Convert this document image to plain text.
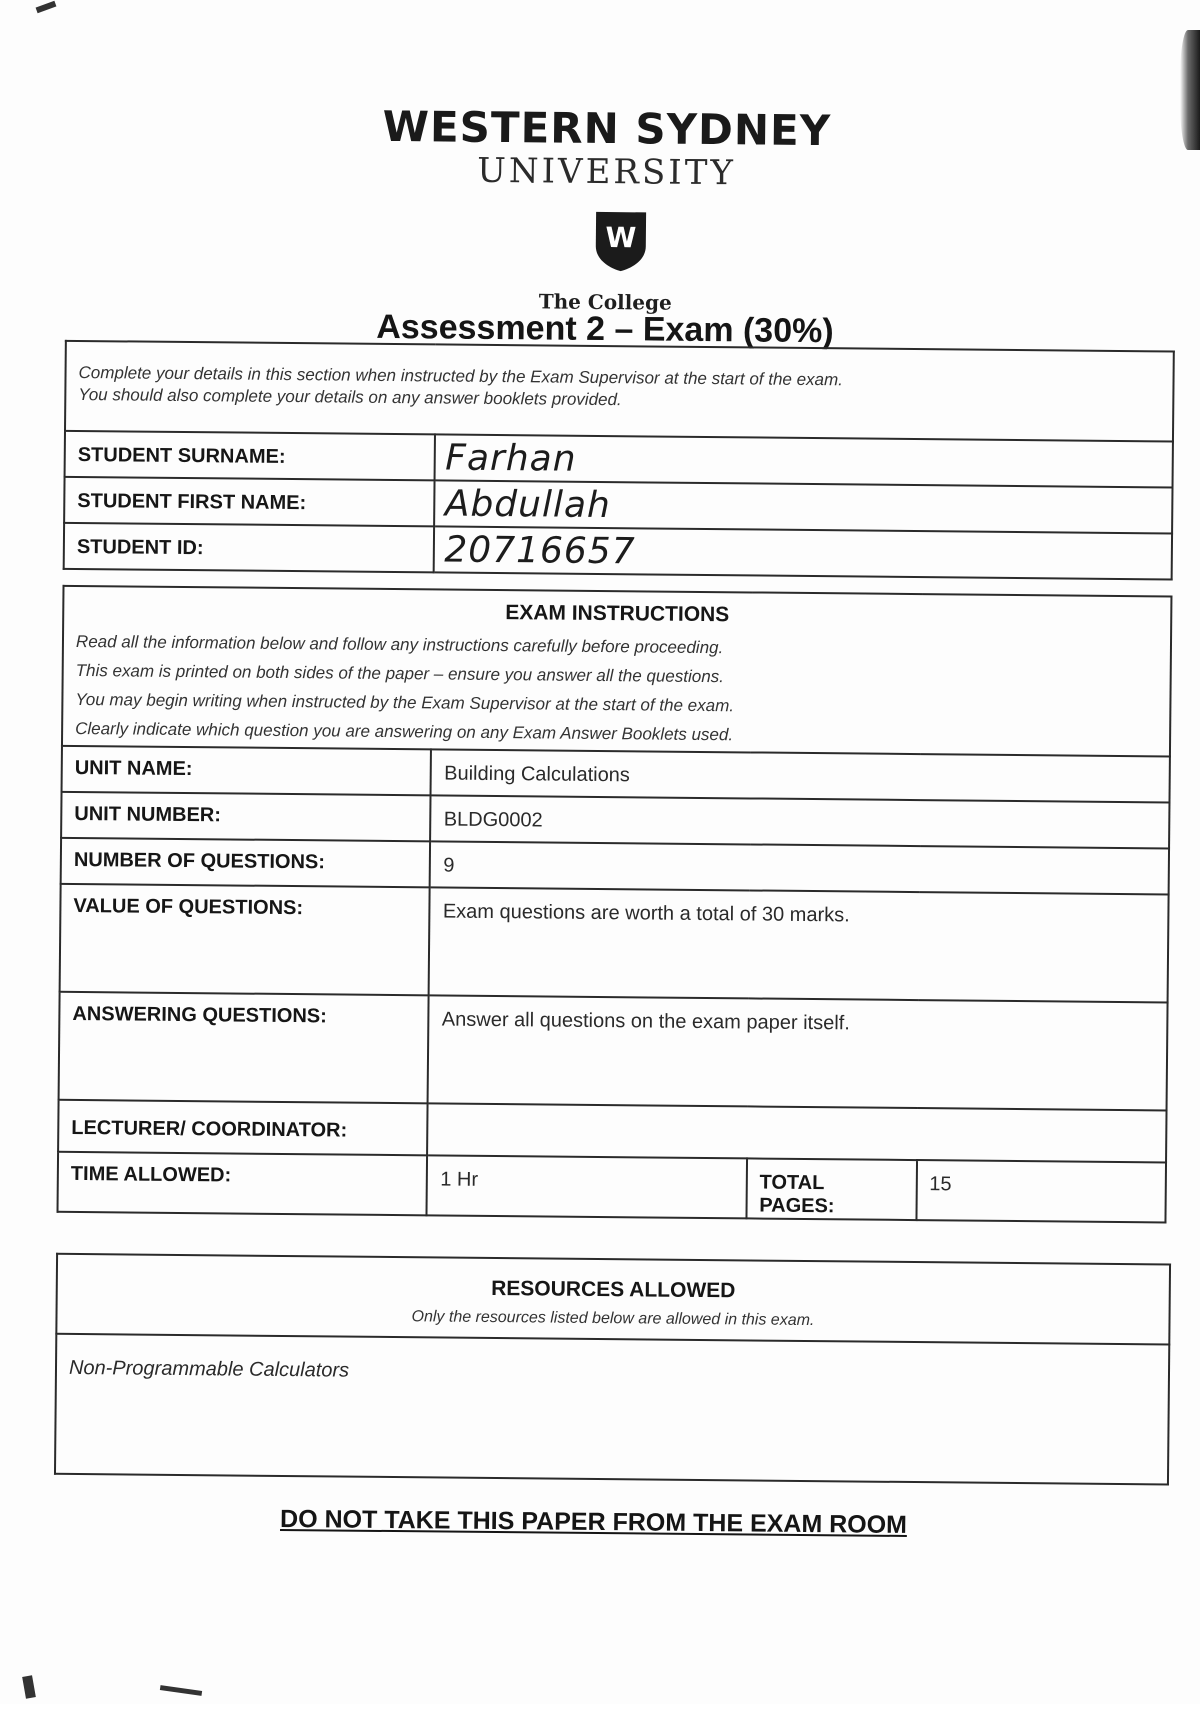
WESTERN SYDNEY
UNIVERSITY
W
The College
Assessment 2 – Exam (30%)
Complete your details in this section when instructed by the Exam Supervisor at the start of the exam.
You should also complete your details on any answer booklets provided.	

STUDENT SURNAME:	Farhan

STUDENT FIRST NAME:	Abdullah

STUDENT ID:	20716657
EXAM INSTRUCTIONS
Read all the information below and follow any instructions carefully before proceeding.
This exam is printed on both sides of the paper – ensure you answer all the questions.
You may begin writing when instructed by the Exam Supervisor at the start of the exam.
Clearly indicate which question you are answering on any Exam Answer Booklets used.			

UNIT NAME:	Building Calculations		
UNIT NUMBER:	BLDG0002		
NUMBER OF QUESTIONS:	9		
VALUE OF QUESTIONS:	Exam questions are worth a total of 30 marks.		
ANSWERING QUESTIONS:	Answer all questions on the exam paper itself.		
LECTURER/ COORDINATOR:			
TIME ALLOWED:	1 Hr	TOTAL PAGES:	15
RESOURCES ALLOWED
Only the resources listed below are allowed in this exam.

Non-Programmable Calculators
DO NOT TAKE THIS PAPER FROM THE EXAM ROOM
